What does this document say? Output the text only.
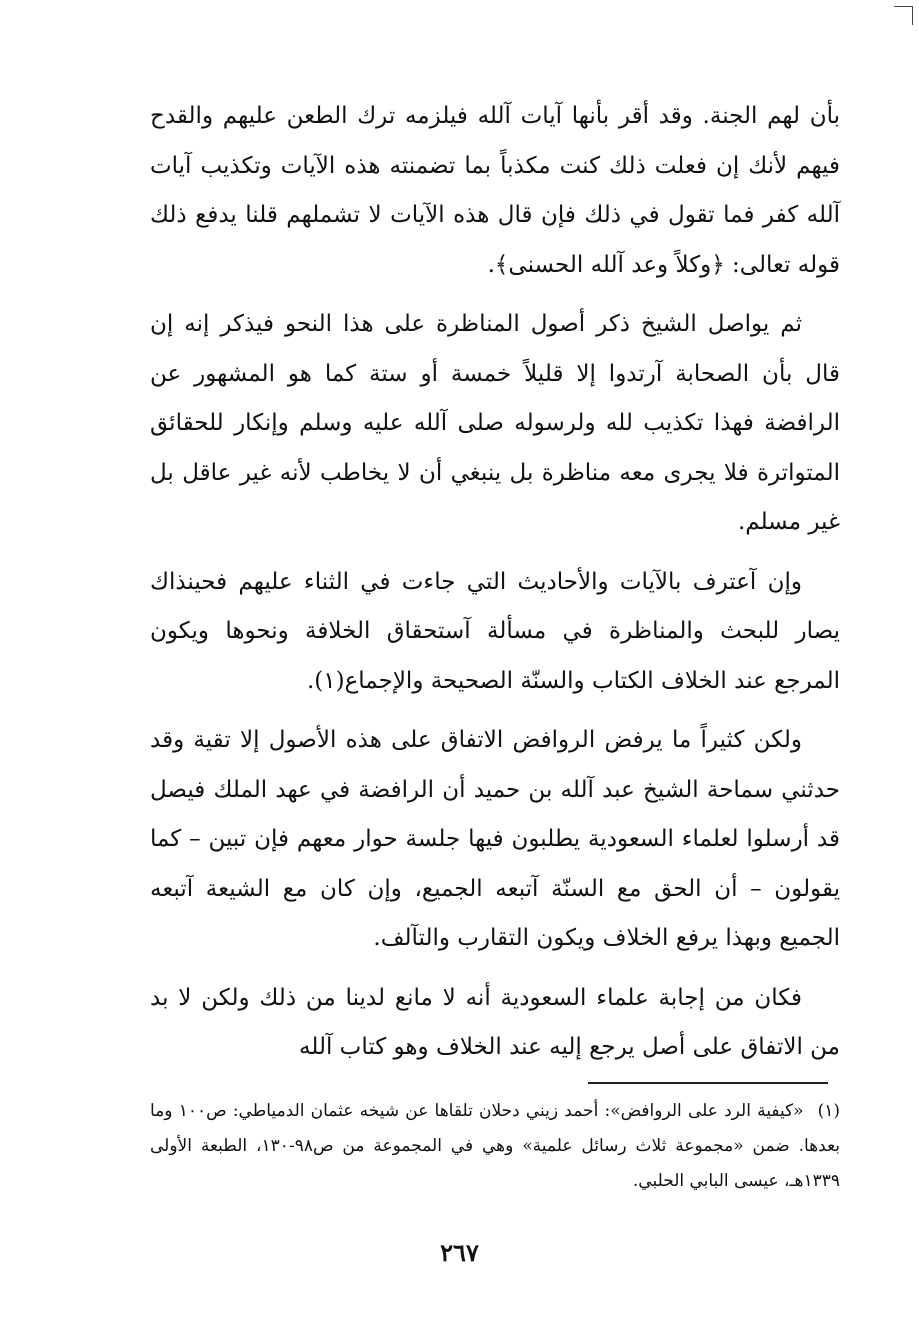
بأن لهم الجنة. وقد أقر بأنها آيات آلله فيلزمه ترك الطعن عليهم والقدح فيهم لأنك إن فعلت ذلك كنت مكذباً بما تضمنته هذه الآيات وتكذيب آيات آلله كفر فما تقول في ذلك فإن قال هذه الآيات لا تشملهم قلنا يدفع ذلك قوله تعالى: ﴿وكلاً وعد آلله الحسنى﴾.

ثم يواصل الشيخ ذكر أصول المناظرة على هذا النحو فيذكر إنه إن قال بأن الصحابة آرتدوا إلا قليلاً خمسة أو ستة كما هو المشهور عن الرافضة فهذا تكذيب لله ولرسوله صلى آلله عليه وسلم وإنكار للحقائق المتواترة فلا يجرى معه مناظرة بل ينبغي أن لا يخاطب لأنه غير عاقل بل غير مسلم.

وإن آعترف بالآيات والأحاديث التي جاءت في الثناء عليهم فحينذاك يصار للبحث والمناظرة في مسألة آستحقاق الخلافة ونحوها ويكون المرجع عند الخلاف الكتاب والسنّة الصحيحة والإجماع(١).

ولكن كثيراً ما يرفض الروافض الاتفاق على هذه الأصول إلا تقية وقد حدثني سماحة الشيخ عبد آلله بن حميد أن الرافضة في عهد الملك فيصل قد أرسلوا لعلماء السعودية يطلبون فيها جلسة حوار معهم فإن تبين – كما يقولون – أن الحق مع السنّة آتبعه الجميع، وإن كان مع الشيعة آتبعه الجميع وبهذا يرفع الخلاف ويكون التقارب والتآلف.

فكان من إجابة علماء السعودية أنه لا مانع لدينا من ذلك ولكن لا بد من الاتفاق على أصل يرجع إليه عند الخلاف وهو كتاب آلله

(١)«كيفية الرد على الروافض»: أحمد زيني دحلان تلقاها عن شيخه عثمان الدمياطي: ص١٠٠ وما بعدها. ضمن «مجموعة ثلاث رسائل علمية» وهي في المجموعة من ص٩٨-١٣٠، الطبعة الأولى ١٣٣٩هـ، عيسى البابي الحلبي.
٢٦٧
